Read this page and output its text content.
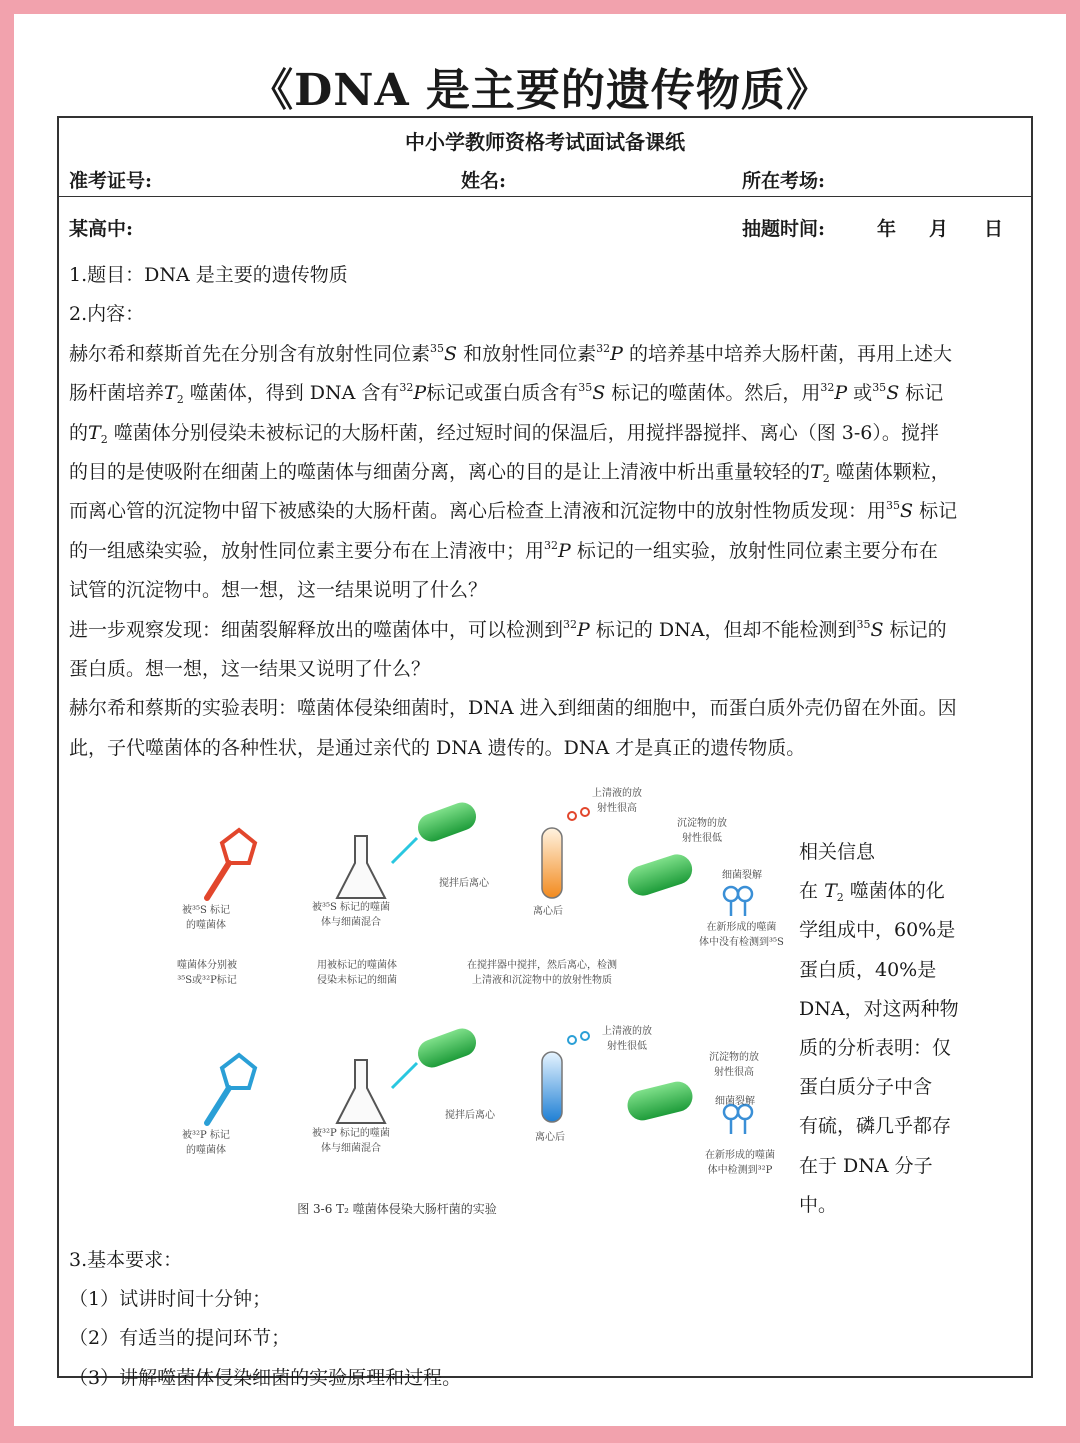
《DNA 是主要的遗传物质》
中小学教师资格考试面试备课纸
准考证号:	姓名:	所在考场:
某高中:	抽题时间:	年 月 日
1.题目：DNA 是主要的遗传物质
2.内容：
赫尔希和蔡斯首先在分别含有放射性同位素$^{35}$S 和放射性同位素$^{32}$P 的培养基中培养大肠杆菌，再用上述大
肠杆菌培养$T_2$ 噬菌体，得到 DNA 含有$^{32}$P标记或蛋白质含有$^{35}$S 标记的噬菌体。然后，用$^{32}$P 或$^{35}$S 标记
的$T_2$ 噬菌体分别侵染未被标记的大肠杆菌，经过短时间的保温后，用搅拌器搅拌、离心（图 3-6）。搅拌
的目的是使吸附在细菌上的噬菌体与细菌分离，离心的目的是让上清液中析出重量较轻的$T_2$ 噬菌体颗粒，
而离心管的沉淀物中留下被感染的大肠杆菌。离心后检查上清液和沉淀物中的放射性物质发现：用$^{35}$S 标记
的一组感染实验，放射性同位素主要分布在上清液中；用$^{32}$P 标记的一组实验，放射性同位素主要分布在
试管的沉淀物中。想一想，这一结果说明了什么？
进一步观察发现：细菌裂解释放出的噬菌体中，可以检测到$^{32}$P 标记的 DNA，但却不能检测到$^{35}$S 标记的
蛋白质。想一想，这一结果又说明了什么？
赫尔希和蔡斯的实验表明：噬菌体侵染细菌时，DNA 进入到细菌的细胞中，而蛋白质外壳仍留在外面。因
此，子代噬菌体的各种性状，是通过亲代的 DNA 遗传的。DNA 才是真正的遗传物质。
被³⁵S 标记
的噬菌体
被³⁵S 标记的噬菌
体与细菌混合
搅拌后离心
上清液的放
射性很高
离心后
沉淀物的放
射性很低
细菌裂解
在新形成的噬菌
体中没有检测到³⁵S
噬菌体分别被
³⁵S或³²P标记
用被标记的噬菌体
侵染未标记的细菌
在搅拌器中搅拌，然后离心，检测
上清液和沉淀物中的放射性物质
被³²P 标记
的噬菌体
被³²P 标记的噬菌
体与细菌混合
搅拌后离心
上清液的放
射性很低
离心后
沉淀物的放
射性很高
细菌裂解
在新形成的噬菌
体中检测到³²P
图 3-6 T₂ 噬菌体侵染大肠杆菌的实验
相关信息
在 $T_2$ 噬菌体的化
学组成中，60%是
蛋白质，40%是
DNA，对这两种物
质的分析表明：仅
蛋白质分子中含
有硫，磷几乎都存
在于 DNA 分子
中。
3.基本要求：
（1）试讲时间十分钟；
（2）有适当的提问环节；
（3）讲解噬菌体侵染细菌的实验原理和过程。
